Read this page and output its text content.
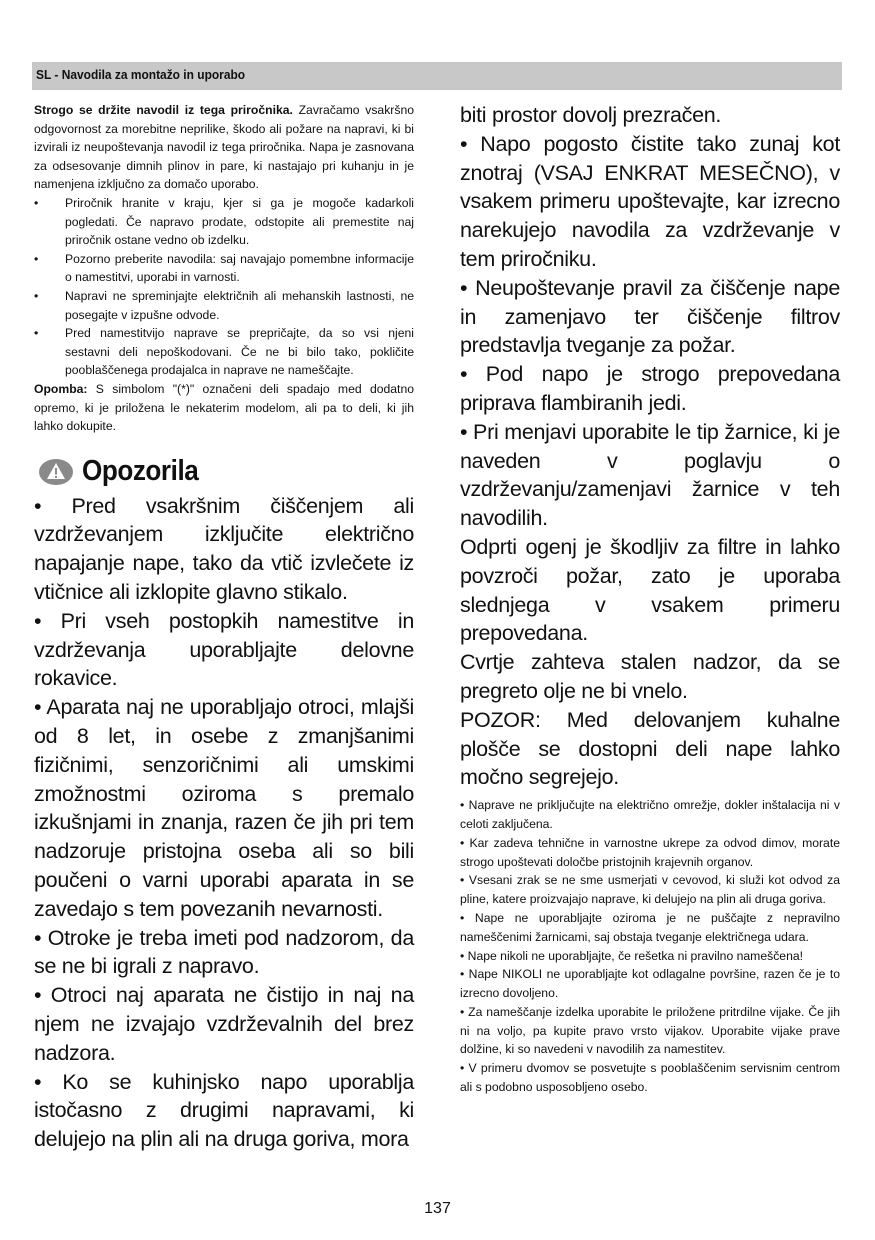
SL - Navodila za montažo in uporabo

Strogo se držite navodil iz tega priročnika. Zavračamo vsakršno odgovornost za morebitne neprilike, škodo ali požare na napravi, ki bi izvirali iz neupoštevanja navodil iz tega priročnika. Napa je zasnovana za odsesovanje dimnih plinov in pare, ki nastajajo pri kuhanju in je namenjena izključno za domačo uporabo.

• Priročnik hranite v kraju, kjer si ga je mogoče kadarkoli pogledati. Če napravo prodate, odstopite ali premestite naj priročnik ostane vedno ob izdelku.
• Pozorno preberite navodila: saj navajajo pomembne informacije o namestitvi, uporabi in varnosti.
• Napravi ne spreminjajte električnih ali mehanskih lastnosti, ne posegajte v izpušne odvode.
• Pred namestitvijo naprave se prepričajte, da so vsi njeni sestavni deli nepoškodovani. Če ne bi bilo tako, pokličite pooblaščenega prodajalca in naprave ne nameščajte.

Opomba: S simbolom "(*)" označeni deli spadajo med dodatno opremo, ki je priložena le nekaterim modelom, ali pa to deli, ki jih lahko dokupite.

Opozorila

• Pred vsakršnim čiščenjem ali vzdrževanjem izključite električno napajanje nape, tako da vtič izvlečete iz vtičnice ali izklopite glavno stikalo.

• Pri vseh postopkih namestitve in vzdrževanja uporabljajte delovne rokavice.

• Aparata naj ne uporabljajo otroci, mlajši od 8 let, in osebe z zmanjšanimi fizičnimi, senzoričnimi ali umskimi zmožnostmi oziroma s premalo izkušnjami in znanja, razen če jih pri tem nadzoruje pristojna oseba ali so bili poučeni o varni uporabi aparata in se zavedajo s tem povezanih nevarnosti.

• Otroke je treba imeti pod nadzorom, da se ne bi igrali z napravo.

• Otroci naj aparata ne čistijo in naj na njem ne izvajajo vzdrževalnih del brez nadzora.

• Ko se kuhinjsko napo uporablja istočasno z drugimi napravami, ki delujejo na plin ali na druga goriva, mora

biti prostor dovolj prezračen.

• Napo pogosto čistite tako zunaj kot znotraj (VSAJ ENKRAT MESEČNO), v vsakem primeru upoštevajte, kar izrecno narekujejo navodila za vzdrževanje v tem priročniku.

• Neupoštevanje pravil za čiščenje nape in zamenjavo ter čiščenje filtrov predstavlja tveganje za požar.

• Pod napo je strogo prepovedana priprava flambiranih jedi.

• Pri menjavi uporabite le tip žarnice, ki je naveden v poglavju o vzdrževanju/zamenjavi žarnice v teh navodilih.

Odprti ogenj je škodljiv za filtre in lahko povzroči požar, zato je uporaba slednjega v vsakem primeru prepovedana.

Cvrtje zahteva stalen nadzor, da se pregreto olje ne bi vnelo.

POZOR: Med delovanjem kuhalne plošče se dostopni deli nape lahko močno segrejejo.

• Naprave ne priključujte na električno omrežje, dokler inštalacija ni v celoti zaključena.

• Kar zadeva tehnične in varnostne ukrepe za odvod dimov, morate strogo upoštevati določbe pristojnih krajevnih organov.

• Vsesani zrak se ne sme usmerjati v cevovod, ki služi kot odvod za pline, katere proizvajajo naprave, ki delujejo na plin ali druga goriva.

• Nape ne uporabljajte oziroma je ne puščajte z nepravilno nameščenimi žarnicami, saj obstaja tveganje električnega udara.

• Nape nikoli ne uporabljajte, če rešetka ni pravilno nameščena!

• Nape NIKOLI ne uporabljajte kot odlagalne površine, razen če je to izrecno dovoljeno.

• Za nameščanje izdelka uporabite le priložene pritrdilne vijake. Če jih ni na voljo, pa kupite pravo vrsto vijakov. Uporabite vijake prave dolžine, ki so navedeni v navodilih za namestitev.

• V primeru dvomov se posvetujte s pooblaščenim servisnim centrom ali s podobno usposobljeno osebo.

137
